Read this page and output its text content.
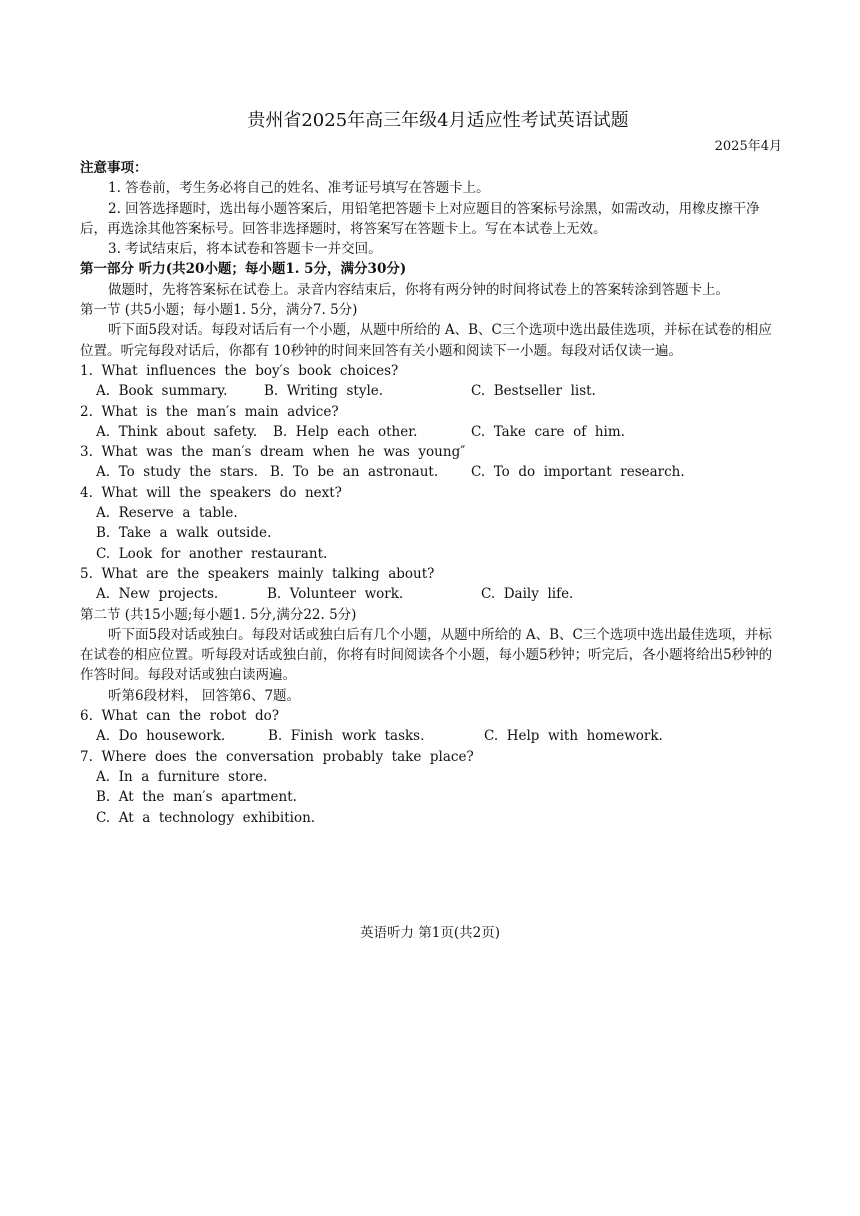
贵州省2025年高三年级4月适应性考试英语试题
2025年4月

注意事项：

1. 答卷前，考生务必将自己的姓名、准考证号填写在答题卡上。

2. 回答选择题时，选出每小题答案后，用铅笔把答题卡上对应题目的答案标号涂黑，如需改动，用橡皮擦干净后，再选涂其他答案标号。回答非选择题时，将答案写在答题卡上。写在本试卷上无效。

3. 考试结束后，将本试卷和答题卡一并交回。

第一部分 听力(共20小题；每小题1. 5分，满分30分)

做题时，先将答案标在试卷上。录音内容结束后，你将有两分钟的时间将试卷上的答案转涂到答题卡上。

第一节 (共5小题；每小题1. 5分，满分7. 5分)

听下面5段对话。每段对话后有一个小题，从题中所给的 A、B、C三个选项中选出最佳选项，并标在试卷的相应位置。听完每段对话后，你都有 10秒钟的时间来回答有关小题和阅读下一小题。每段对话仅读一遍。

1.  What  influences  the  boy′s  book  choices?

A.  Book  summary.	B.  Writing  style.	C.  Bestseller  list.

2.  What  is  the  man′s  main  advice?

A.  Think  about  safety.	B.  Help  each  other.	C.  Take  care  of  him.

3.  What  was  the  man′s  dream  when  he  was  young″

A.  To  study  the  stars. B.  To  be  an  astronaut.	C.  To  do  important  research.

4.  What  will  the  speakers  do  next?

A.  Reserve  a  table.

B.  Take  a  walk  outside.

C.  Look  for  another  restaurant.

5.  What  are  the  speakers  mainly  talking  about?

A.  New  projects.	B.  Volunteer  work.	C.  Daily  life.

第二节 (共15小题;每小题1. 5分,满分22. 5分)

听下面5段对话或独白。每段对话或独白后有几个小题，从题中所给的 A、B、C三个选项中选出最佳选项，并标在试卷的相应位置。听每段对话或独白前，你将有时间阅读各个小题，每小题5秒钟；听完后，各小题将给出5秒钟的作答时间。每段对话或独白读两遍。

听第6段材料， 回答第6、7题。

6.  What  can  the  robot  do?

A.  Do  housework.	B.  Finish  work  tasks.	C.  Help  with  homework.

7.  Where  does  the  conversation  probably  take  place?

A.  In  a  furniture  store.

B.  At  the  man′s  apartment.

C.  At  a  technology  exhibition.

英语听力 第1页(共2页)
